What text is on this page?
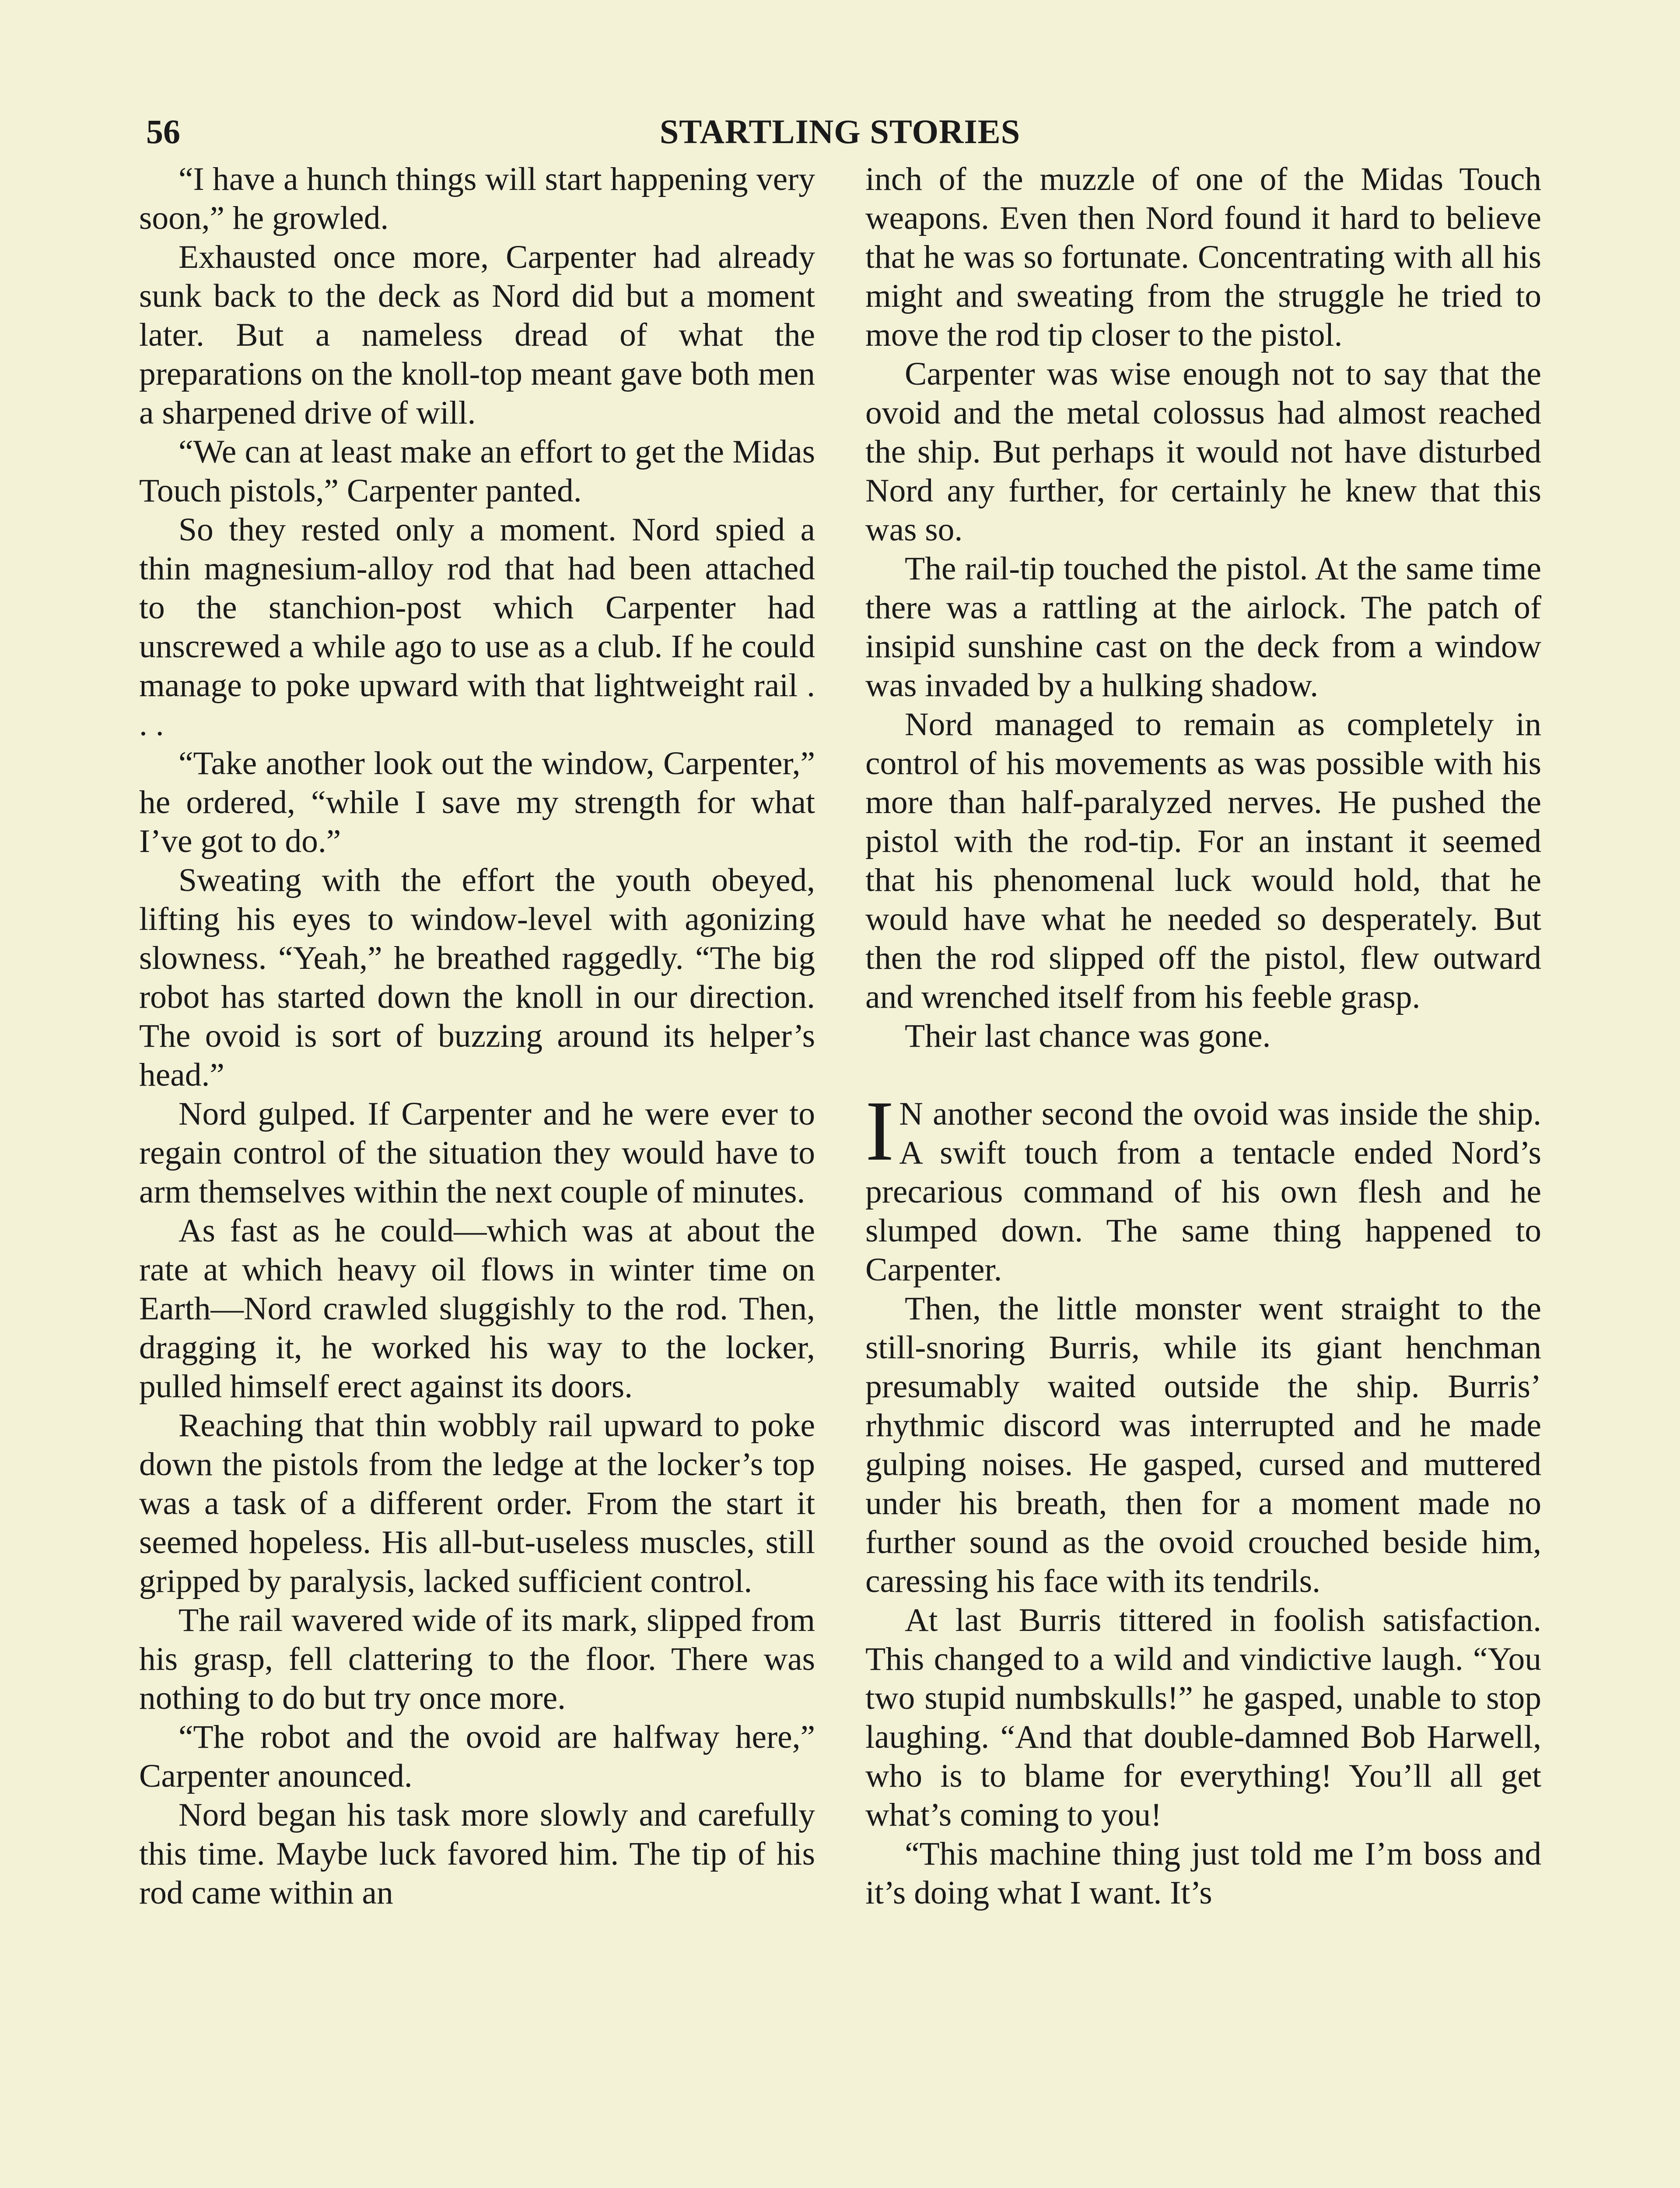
56	STARTLING STORIES

“I have a hunch things will start happening very soon,” he growled.

Exhausted once more, Carpenter had already sunk back to the deck as Nord did but a moment later. But a nameless dread of what the preparations on the knoll-top meant gave both men a sharpened drive of will.

“We can at least make an effort to get the Midas Touch pistols,” Carpenter panted.

So they rested only a moment. Nord spied a thin magnesium-alloy rod that had been attached to the stanchion-post which Carpenter had unscrewed a while ago to use as a club. If he could manage to poke upward with that lightweight rail . . .

“Take another look out the window, Carpenter,” he ordered, “while I save my strength for what I’ve got to do.”

Sweating with the effort the youth obeyed, lifting his eyes to window-level with agonizing slowness. “Yeah,” he breathed raggedly. “The big robot has started down the knoll in our direction. The ovoid is sort of buzzing around its helper’s head.”

Nord gulped. If Carpenter and he were ever to regain control of the situation they would have to arm themselves within the next couple of minutes.

As fast as he could—which was at about the rate at which heavy oil flows in winter time on Earth—Nord crawled sluggishly to the rod. Then, dragging it, he worked his way to the locker, pulled himself erect against its doors.

Reaching that thin wobbly rail upward to poke down the pistols from the ledge at the locker’s top was a task of a different order. From the start it seemed hopeless. His all-but-useless muscles, still gripped by paralysis, lacked sufficient control.

The rail wavered wide of its mark, slipped from his grasp, fell clattering to the floor. There was nothing to do but try once more.

“The robot and the ovoid are halfway here,” Carpenter anounced.

Nord began his task more slowly and carefully this time. Maybe luck favored him. The tip of his rod came within an

inch of the muzzle of one of the Midas Touch weapons. Even then Nord found it hard to believe that he was so fortunate. Concentrating with all his might and sweating from the struggle he tried to move the rod tip closer to the pistol.

Carpenter was wise enough not to say that the ovoid and the metal colossus had almost reached the ship. But perhaps it would not have disturbed Nord any further, for certainly he knew that this was so.

The rail-tip touched the pistol. At the same time there was a rattling at the airlock. The patch of insipid sunshine cast on the deck from a window was invaded by a hulking shadow.

Nord managed to remain as completely in control of his movements as was possible with his more than half-paralyzed nerves. He pushed the pistol with the rod-tip. For an instant it seemed that his phenomenal luck would hold, that he would have what he needed so desperately. But then the rod slipped off the pistol, flew outward and wrenched itself from his feeble grasp.

Their last chance was gone.

I N another second the ovoid was inside the ship. A swift touch from a tentacle ended Nord’s precarious command of his own flesh and he slumped down. The same thing happened to Carpenter.

Then, the little monster went straight to the still-snoring Burris, while its giant henchman presumably waited outside the ship. Burris’ rhythmic discord was interrupted and he made gulping noises. He gasped, cursed and muttered under his breath, then for a moment made no further sound as the ovoid crouched beside him, caressing his face with its tendrils.

At last Burris tittered in foolish satisfaction. This changed to a wild and vindictive laugh. “You two stupid numbskulls!” he gasped, unable to stop laughing. “And that double-damned Bob Harwell, who is to blame for everything! You’ll all get what’s coming to you!

“This machine thing just told me I’m boss and it’s doing what I want. It’s
